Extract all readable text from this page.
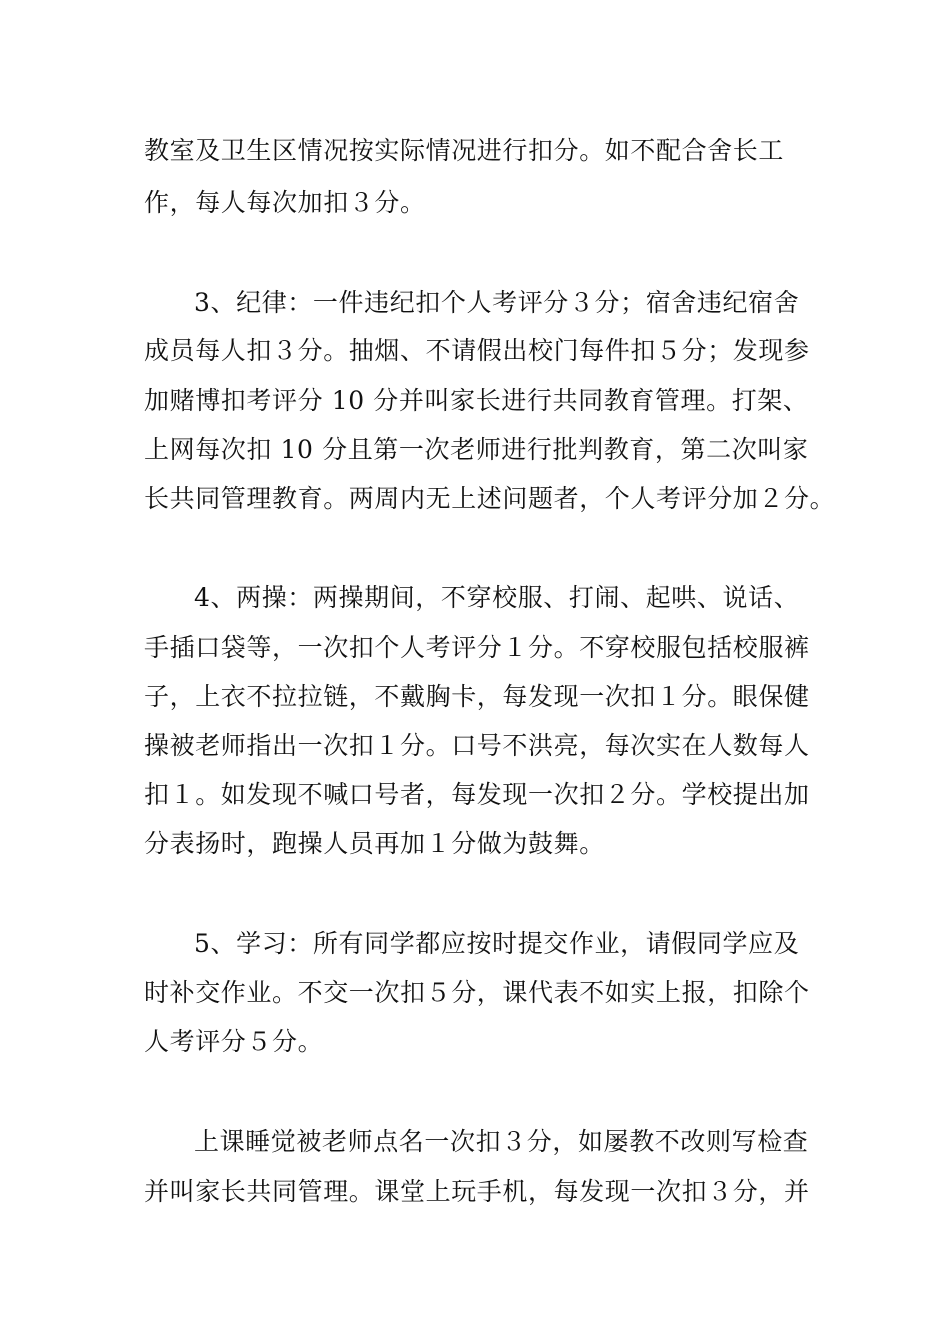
教室及卫生区情况按实际情况进行扣分。如不配合舍长工
作，每人每次加扣３分。
3、纪律：一件违纪扣个人考评分３分；宿舍违纪宿舍
成员每人扣３分。抽烟、不请假出校门每件扣５分；发现参
加赌博扣考评分 10 分并叫家长进行共同教育管理。打架、
上网每次扣 10 分且第一次老师进行批判教育，第二次叫家
长共同管理教育。两周内无上述问题者，个人考评分加２分。
4、两操：两操期间，不穿校服、打闹、起哄、说话、
手插口袋等，一次扣个人考评分１分。不穿校服包括校服裤
子，上衣不拉拉链，不戴胸卡，每发现一次扣１分。眼保健
操被老师指出一次扣１分。口号不洪亮，每次实在人数每人
扣１。如发现不喊口号者，每发现一次扣２分。学校提出加
分表扬时，跑操人员再加１分做为鼓舞。
5、学习：所有同学都应按时提交作业，请假同学应及
时补交作业。不交一次扣５分，课代表不如实上报，扣除个
人考评分５分。
上课睡觉被老师点名一次扣３分，如屡教不改则写检查
并叫家长共同管理。课堂上玩手机，每发现一次扣３分，并
